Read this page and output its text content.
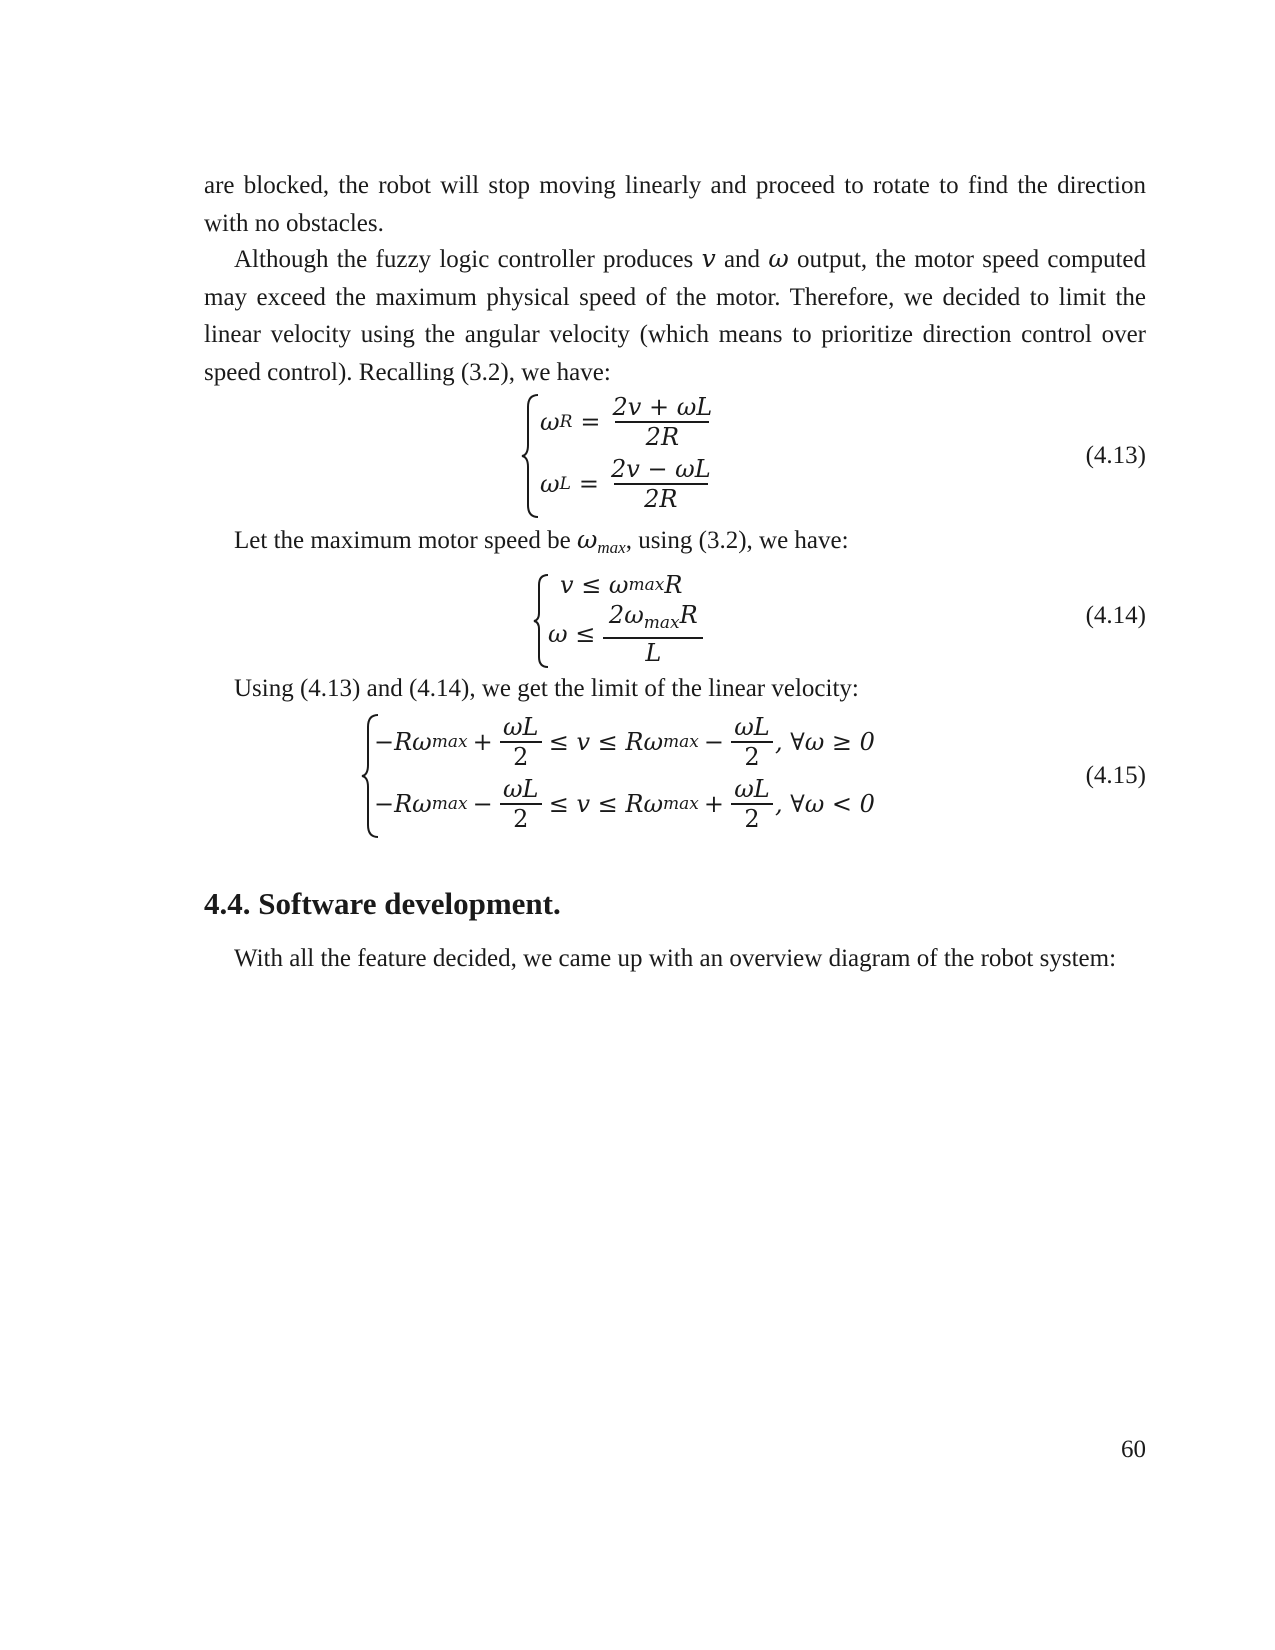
are blocked, the robot will stop moving linearly and proceed to rotate to find the direction with no obstacles.

Although the fuzzy logic controller produces v and ω output, the motor speed computed may exceed the maximum physical speed of the motor. Therefore, we decided to limit the linear velocity using the angular velocity (which means to prioritize direction control over speed control). Recalling (3.2), we have:

ω $R = \frac{2v + \omega L}{2R}$
ω $L = \frac{2v - \omega L}{2R}$	(4.13)

Let the maximum motor speed be $\omega_{max}$, using (3.2), we have:

v ≤ ω max R
$\omega \le \frac{2\omega_{max}R}{L}$	(4.14)

Using (4.13) and (4.14), we get the limit of the linear velocity:

−Rω $\max + \frac{\omega L}{2} \le v \le R\omega$ $\max - \frac{\omega L}{2}$ , ∀ω ≥ 0
−Rω $\max - \frac{\omega L}{2} \le v \le R\omega$ $\max + \frac{\omega L}{2}$ , ∀ω < 0
(4.15)
4.4. Software development.

With all the feature decided, we came up with an overview diagram of the robot system:

60
